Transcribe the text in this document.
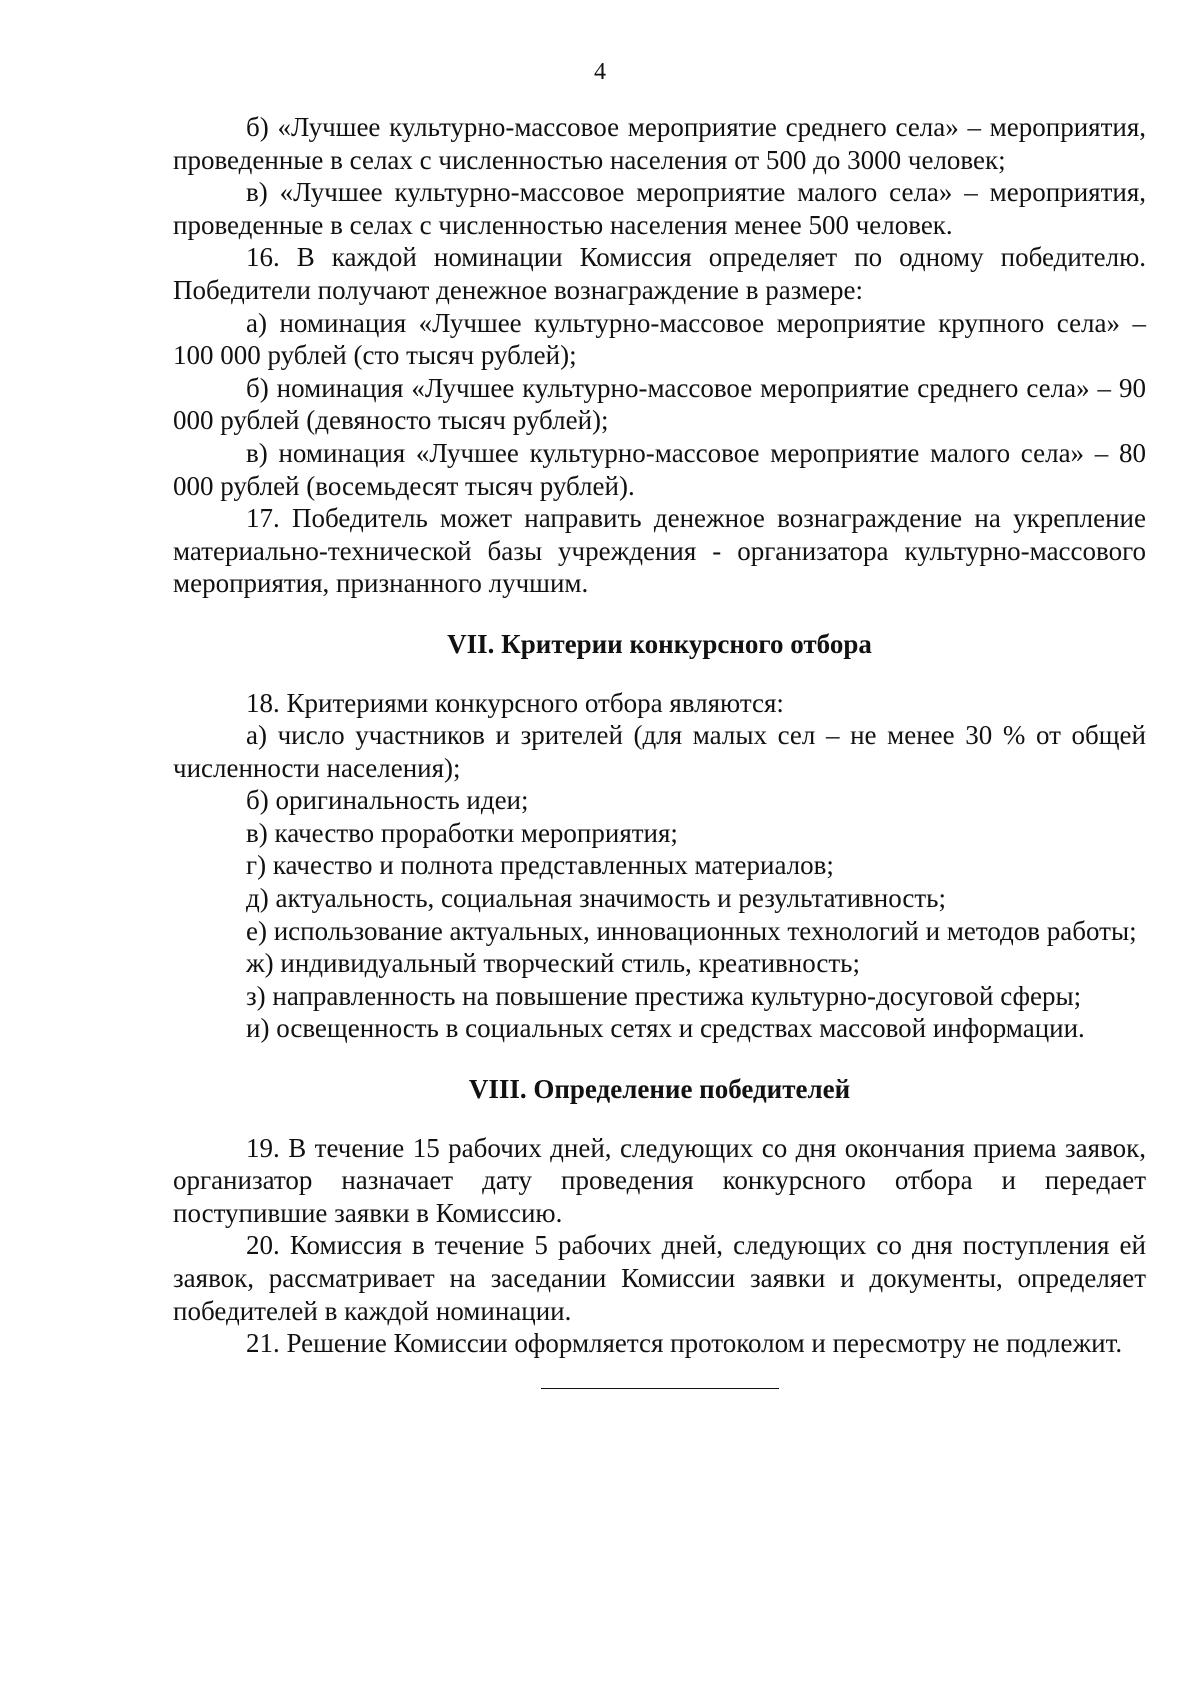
4

б) «Лучшее культурно-массовое мероприятие среднего села» – мероприятия, проведенные в селах с численностью населения от 500 до 3000 человек;

в) «Лучшее культурно-массовое мероприятие малого села» – мероприятия, проведенные в селах с численностью населения менее 500 человек.

16. В каждой номинации Комиссия определяет по одному победителю. Победители получают денежное вознаграждение в размере:

а) номинация «Лучшее культурно-массовое мероприятие крупного села» – 100 000 рублей (сто тысяч рублей);

б) номинация «Лучшее культурно-массовое мероприятие среднего села» – 90 000 рублей (девяносто тысяч рублей);

в) номинация «Лучшее культурно-массовое мероприятие малого села» – 80 000 рублей (восемьдесят тысяч рублей).

17. Победитель может направить денежное вознаграждение на укрепление материально-технической базы учреждения - организатора культурно-массового мероприятия, признанного лучшим.

VII. Критерии конкурсного отбора

18. Критериями конкурсного отбора являются:

а) число участников и зрителей (для малых сел – не менее 30 % от общей численности населения);

б) оригинальность идеи;

в) качество проработки мероприятия;

г) качество и полнота представленных материалов;

д) актуальность, социальная значимость и результативность;

е) использование актуальных, инновационных технологий и методов работы;

ж) индивидуальный творческий стиль, креативность;

з) направленность на повышение престижа культурно-досуговой сферы;

и) освещенность в социальных сетях и средствах массовой информации.

VIII. Определение победителей

19. В течение 15 рабочих дней, следующих со дня окончания приема заявок, организатор назначает дату проведения конкурсного отбора и передает поступившие заявки в Комиссию.

20. Комиссия в течение 5 рабочих дней, следующих со дня поступления ей заявок, рассматривает на заседании Комиссии заявки и документы, определяет победителей в каждой номинации.

21. Решение Комиссии оформляется протоколом и пересмотру не подлежит.
